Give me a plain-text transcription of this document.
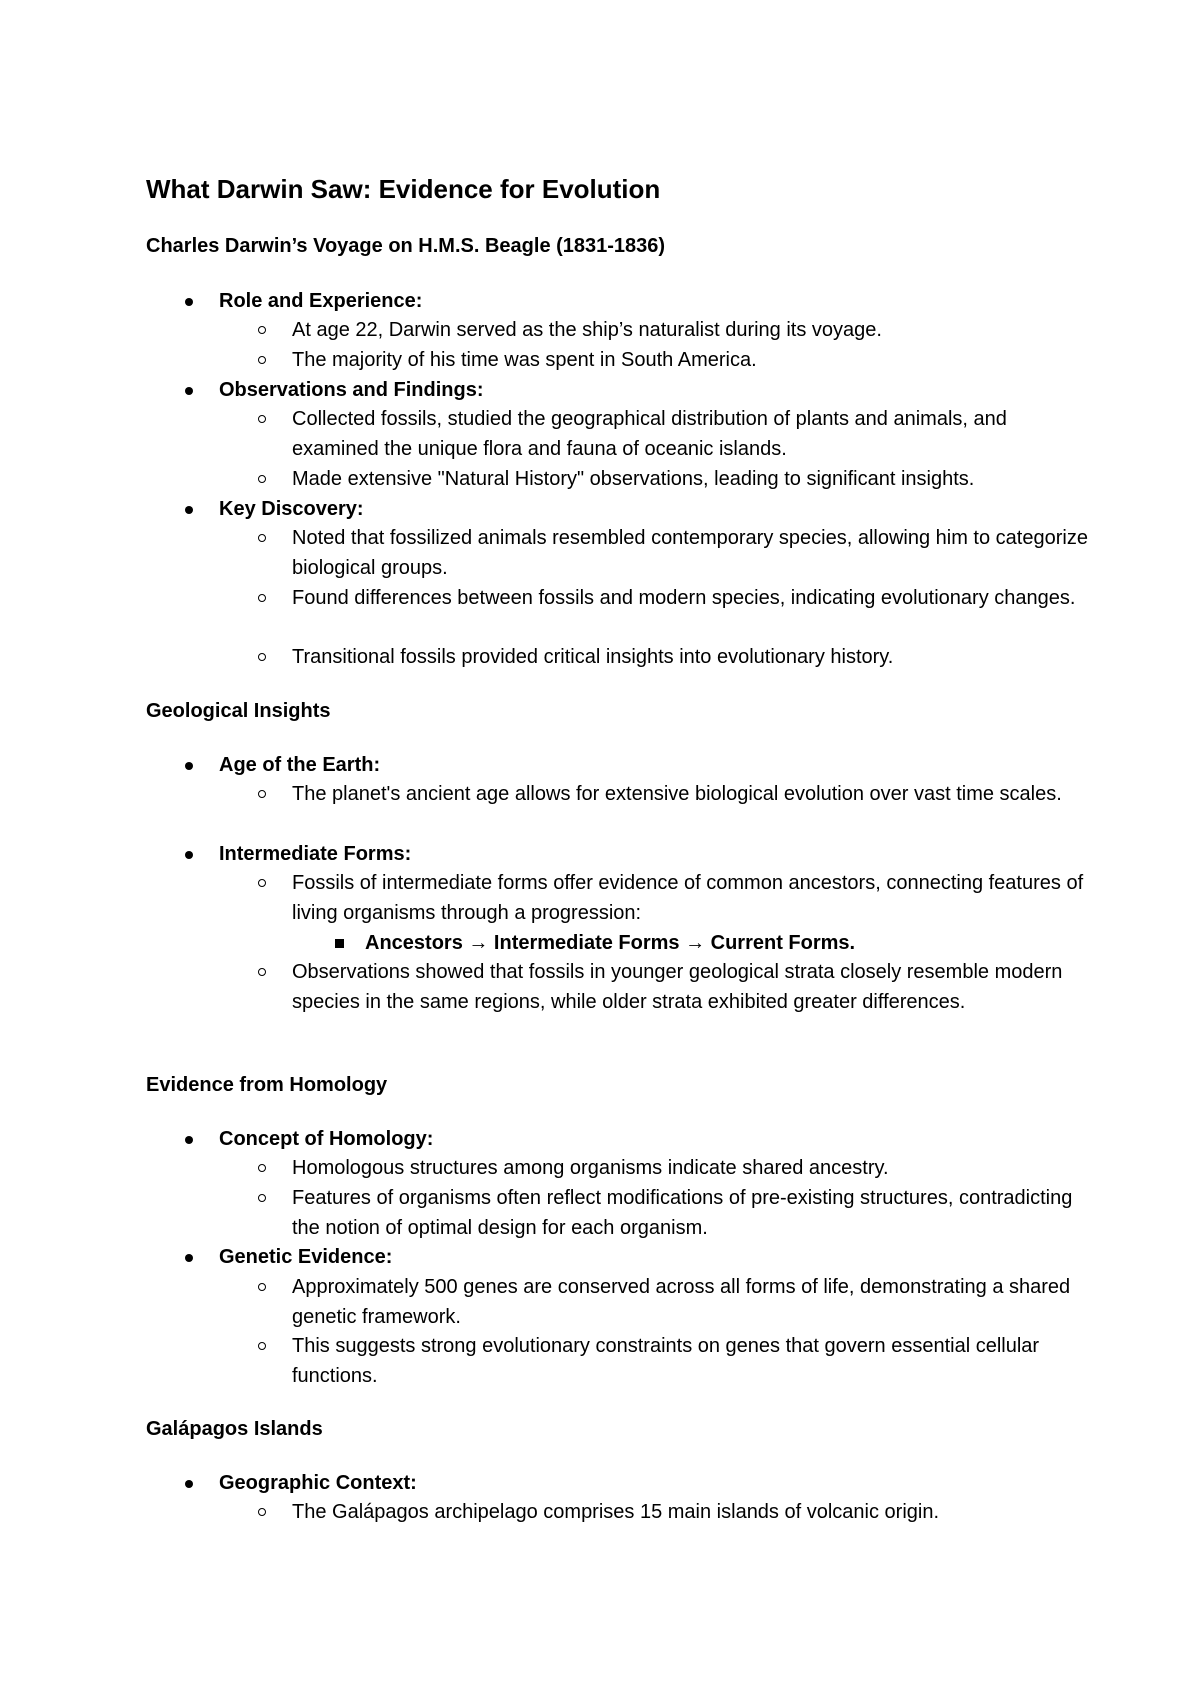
What Darwin Saw: Evidence for Evolution
Charles Darwin’s Voyage on H.M.S. Beagle (1831-1836)

Role and Experience:

At age 22, Darwin served as the ship’s naturalist during its voyage.

The majority of his time was spent in South America.

Observations and Findings:

Collected fossils, studied the geographical distribution of plants and animals, and examined the unique flora and fauna of oceanic islands.

Made extensive "Natural History" observations, leading to significant insights.

Key Discovery:

Noted that fossilized animals resembled contemporary species, allowing him to categorize biological groups.

Found differences between fossils and modern species, indicating evolutionary changes.

Transitional fossils provided critical insights into evolutionary history.

Geological Insights

Age of the Earth:

The planet's ancient age allows for extensive biological evolution over vast time scales.

Intermediate Forms:

Fossils of intermediate forms offer evidence of common ancestors, connecting features of living organisms through a progression:

Ancestors → Intermediate Forms → Current Forms.

Observations showed that fossils in younger geological strata closely resemble modern species in the same regions, while older strata exhibited greater differences.

Evidence from Homology

Concept of Homology:

Homologous structures among organisms indicate shared ancestry.

Features of organisms often reflect modifications of pre-existing structures, contradicting the notion of optimal design for each organism.

Genetic Evidence:

Approximately 500 genes are conserved across all forms of life, demonstrating a shared genetic framework.

This suggests strong evolutionary constraints on genes that govern essential cellular functions.

Galápagos Islands

Geographic Context:

The Galápagos archipelago comprises 15 main islands of volcanic origin.
